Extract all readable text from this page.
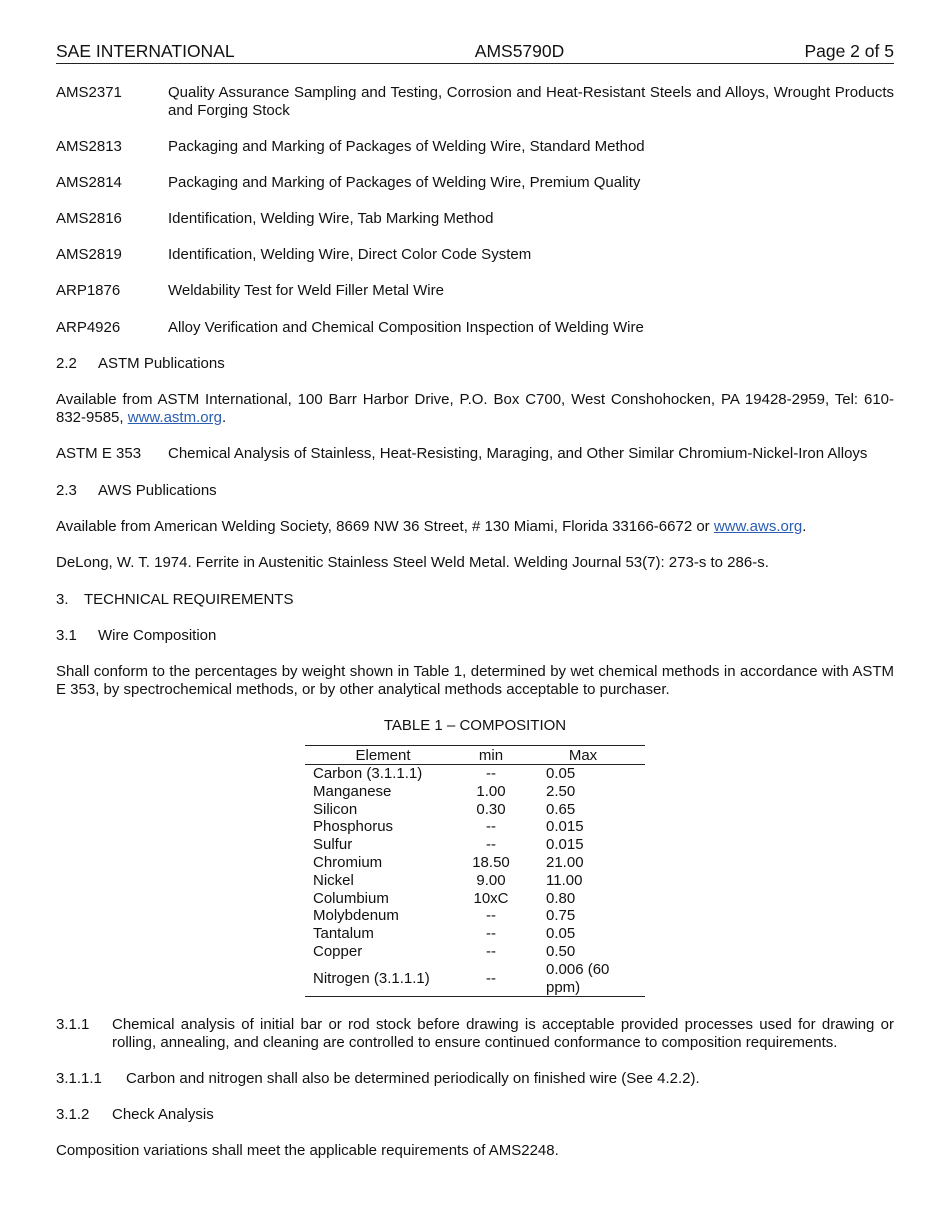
SAE INTERNATIONAL	AMS5790D	Page 2 of 5
AMS2371	Quality Assurance Sampling and Testing, Corrosion and Heat-Resistant Steels and Alloys, Wrought Products and Forging Stock
AMS2813	Packaging and Marking of Packages of Welding Wire, Standard Method
AMS2814	Packaging and Marking of Packages of Welding Wire, Premium Quality
AMS2816	Identification, Welding Wire, Tab Marking Method
AMS2819	Identification, Welding Wire, Direct Color Code System
ARP1876	Weldability Test for Weld Filler Metal Wire
ARP4926	Alloy Verification and Chemical Composition Inspection of Welding Wire
2.2 ASTM Publications
Available from ASTM International, 100 Barr Harbor Drive, P.O. Box C700, West Conshohocken, PA 19428-2959, Tel: 610-832-9585, www.astm.org.
ASTM E 353	Chemical Analysis of Stainless, Heat-Resisting, Maraging, and Other Similar Chromium-Nickel-Iron Alloys
2.3 AWS Publications
Available from American Welding Society, 8669 NW 36 Street, # 130 Miami, Florida 33166-6672 or www.aws.org.
DeLong, W. T. 1974. Ferrite in Austenitic Stainless Steel Weld Metal. Welding Journal 53(7): 273-s to 286-s.
3. TECHNICAL REQUIREMENTS
3.1 Wire Composition
Shall conform to the percentages by weight shown in Table 1, determined by wet chemical methods in accordance with ASTM E 353, by spectrochemical methods, or by other analytical methods acceptable to purchaser.
TABLE 1 – COMPOSITION
Element	min	Max
Carbon (3.1.1.1)	--	0.05
Manganese	1.00	2.50
Silicon	0.30	0.65
Phosphorus	--	0.015
Sulfur	--	0.015
Chromium	18.50	21.00
Nickel	9.00	11.00
Columbium	10xC	0.80
Molybdenum	--	0.75
Tantalum	--	0.05
Copper	--	0.50
Nitrogen (3.1.1.1)	--	0.006 (60 ppm)
3.1.1	Chemical analysis of initial bar or rod stock before drawing is acceptable provided processes used for drawing or rolling, annealing, and cleaning are controlled to ensure continued conformance to composition requirements.
3.1.1.1	Carbon and nitrogen shall also be determined periodically on finished wire (See 4.2.2).
3.1.2	Check Analysis
Composition variations shall meet the applicable requirements of AMS2248.
